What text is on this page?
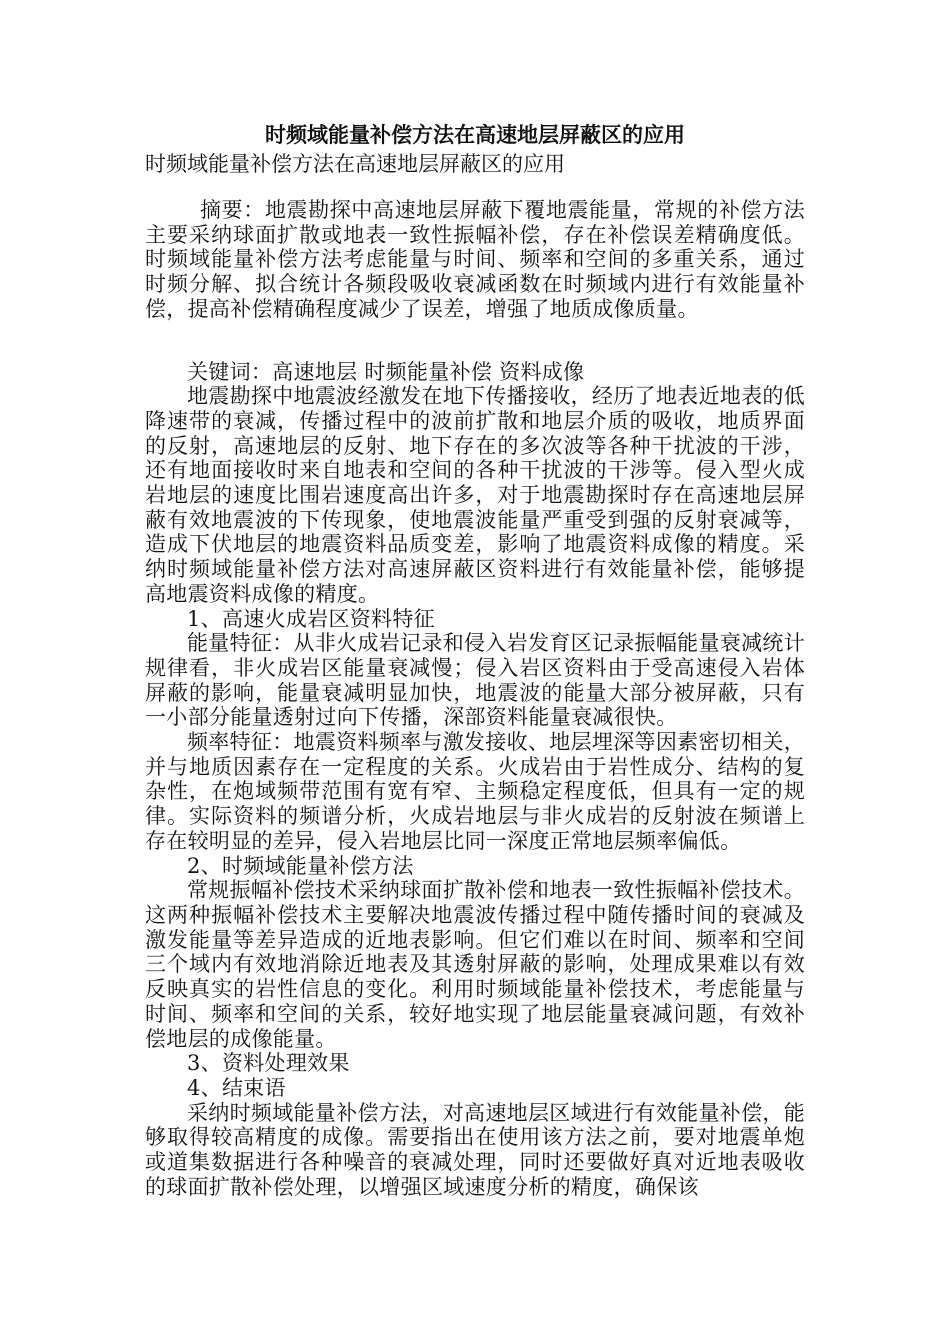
时频域能量补偿方法在高速地层屏蔽区的应用
时频域能量补偿方法在高速地层屏蔽区的应用

摘要：地震勘探中高速地层屏蔽下覆地震能量，常规的补偿方法主要采纳球面扩散或地表一致性振幅补偿，存在补偿误差精确度低。时频域能量补偿方法考虑能量与时间、频率和空间的多重关系，通过时频分解、拟合统计各频段吸收衰减函数在时频域内进行有效能量补偿，提高补偿精确程度减少了误差，增强了地质成像质量。

关键词：高速地层 时频能量补偿 资料成像

地震勘探中地震波经激发在地下传播接收，经历了地表近地表的低降速带的衰减，传播过程中的波前扩散和地层介质的吸收，地质界面的反射，高速地层的反射、地下存在的多次波等各种干扰波的干涉，还有地面接收时来自地表和空间的各种干扰波的干涉等。侵入型火成岩地层的速度比围岩速度高出许多，对于地震勘探时存在高速地层屏蔽有效地震波的下传现象，使地震波能量严重受到强的反射衰减等，造成下伏地层的地震资料品质变差，影响了地震资料成像的精度。采纳时频域能量补偿方法对高速屏蔽区资料进行有效能量补偿，能够提高地震资料成像的精度。

1、高速火成岩区资料特征

能量特征：从非火成岩记录和侵入岩发育区记录振幅能量衰减统计规律看，非火成岩区能量衰减慢；侵入岩区资料由于受高速侵入岩体屏蔽的影响，能量衰减明显加快，地震波的能量大部分被屏蔽，只有一小部分能量透射过向下传播，深部资料能量衰减很快。

频率特征：地震资料频率与激发接收、地层埋深等因素密切相关，并与地质因素存在一定程度的关系。火成岩由于岩性成分、结构的复杂性，在炮域频带范围有宽有窄、主频稳定程度低，但具有一定的规律。实际资料的频谱分析，火成岩地层与非火成岩的反射波在频谱上存在较明显的差异，侵入岩地层比同一深度正常地层频率偏低。

2、时频域能量补偿方法

常规振幅补偿技术采纳球面扩散补偿和地表一致性振幅补偿技术。这两种振幅补偿技术主要解决地震波传播过程中随传播时间的衰减及激发能量等差异造成的近地表影响。但它们难以在时间、频率和空间三个域内有效地消除近地表及其透射屏蔽的影响，处理成果难以有效反映真实的岩性信息的变化。利用时频域能量补偿技术，考虑能量与时间、频率和空间的关系，较好地实现了地层能量衰减问题，有效补偿地层的成像能量。

3、资料处理效果

4、结束语

采纳时频域能量补偿方法，对高速地层区域进行有效能量补偿，能够取得较高精度的成像。需要指出在使用该方法之前，要对地震单炮或道集数据进行各种噪音的衰减处理，同时还要做好真对近地表吸收的球面扩散补偿处理，以增强区域速度分析的精度，确保该
